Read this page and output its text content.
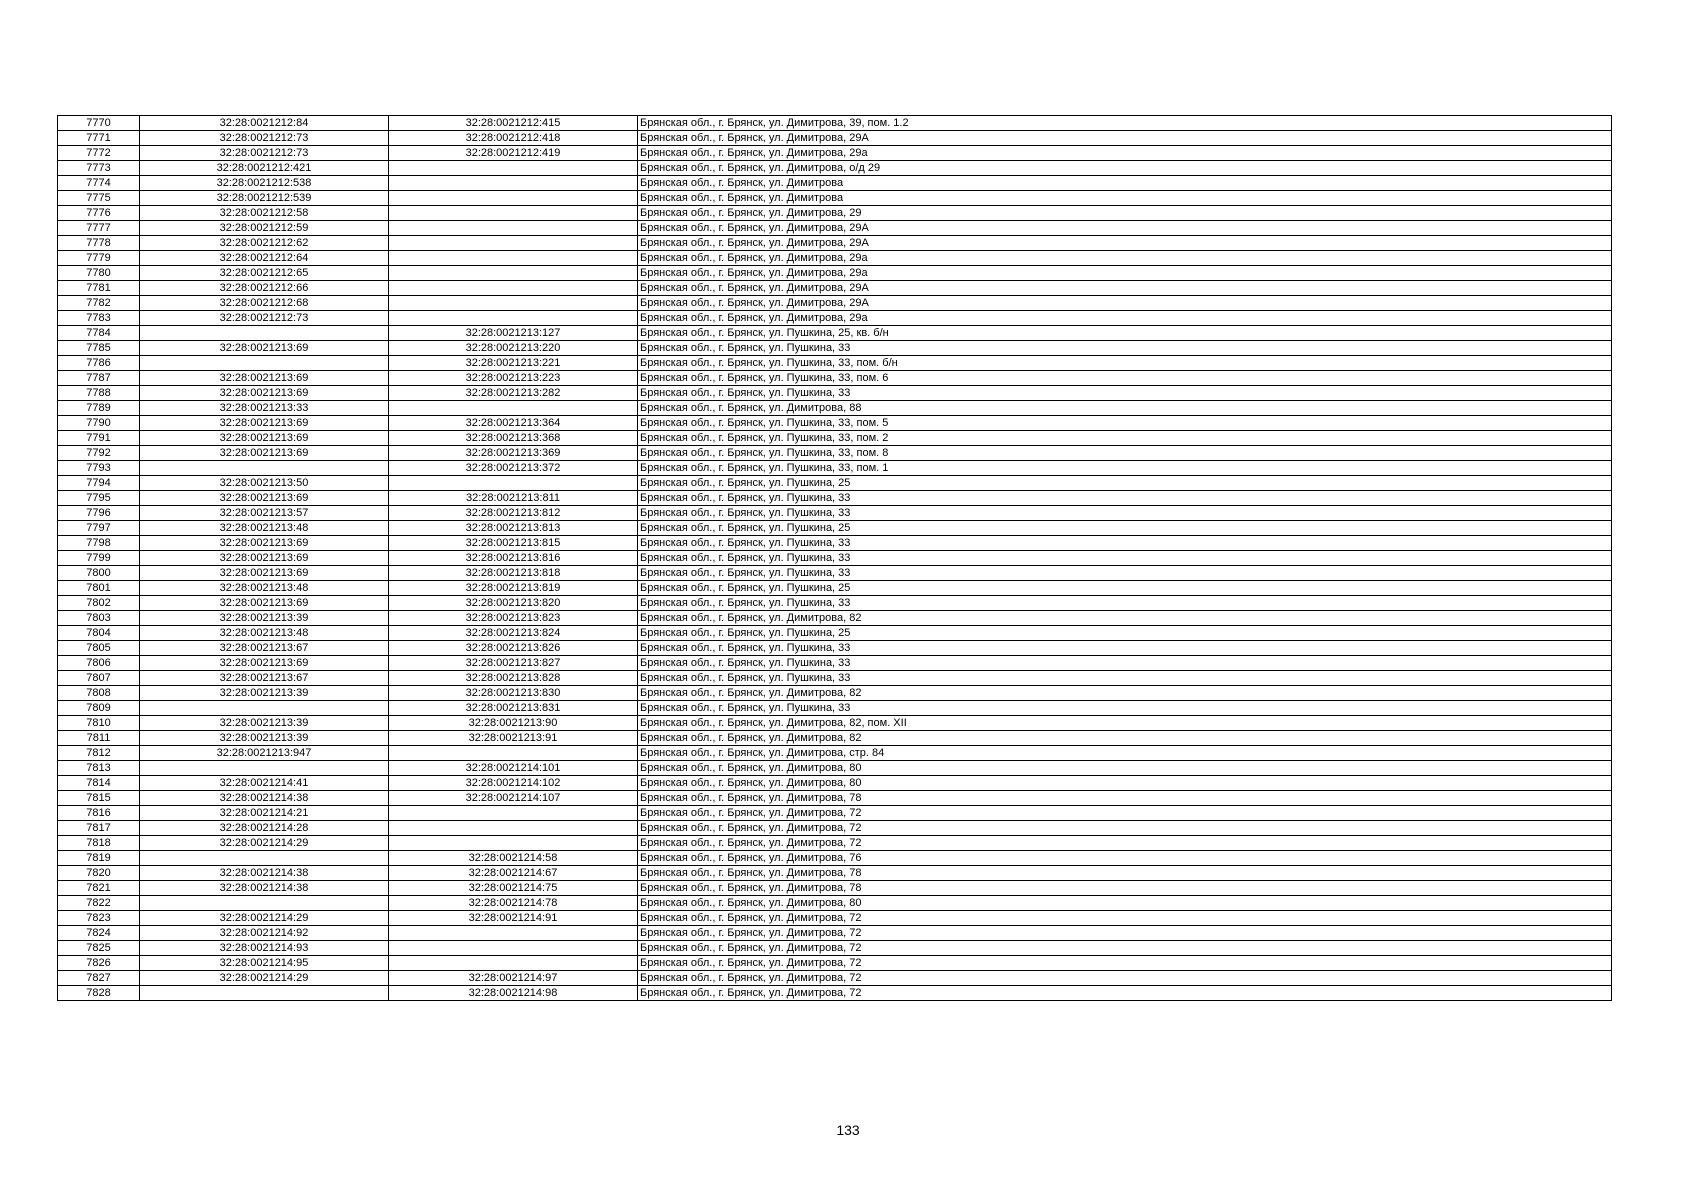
7770	32:28:0021212:84	32:28:0021212:415	Брянская обл., г. Брянск, ул. Димитрова, 39, пом. 1.2
7771	32:28:0021212:73	32:28:0021212:418	Брянская обл., г. Брянск, ул. Димитрова, 29А
7772	32:28:0021212:73	32:28:0021212:419	Брянская обл., г. Брянск, ул. Димитрова, 29а
7773	32:28:0021212:421		Брянская обл., г. Брянск, ул. Димитрова, о/д 29
7774	32:28:0021212:538		Брянская обл., г. Брянск, ул. Димитрова
7775	32:28:0021212:539		Брянская обл., г. Брянск, ул. Димитрова
7776	32:28:0021212:58		Брянская обл., г. Брянск, ул. Димитрова, 29
7777	32:28:0021212:59		Брянская обл., г. Брянск, ул. Димитрова, 29А
7778	32:28:0021212:62		Брянская обл., г. Брянск, ул. Димитрова, 29А
7779	32:28:0021212:64		Брянская обл., г. Брянск, ул. Димитрова, 29а
7780	32:28:0021212:65		Брянская обл., г. Брянск, ул. Димитрова, 29а
7781	32:28:0021212:66		Брянская обл., г. Брянск, ул. Димитрова, 29А
7782	32:28:0021212:68		Брянская обл., г. Брянск, ул. Димитрова, 29А
7783	32:28:0021212:73		Брянская обл., г. Брянск, ул. Димитрова, 29а
7784		32:28:0021213:127	Брянская обл., г. Брянск, ул. Пушкина, 25, кв. б/н
7785	32:28:0021213:69	32:28:0021213:220	Брянская обл., г. Брянск, ул. Пушкина, 33
7786		32:28:0021213:221	Брянская обл., г. Брянск, ул. Пушкина, 33, пом. б/н
7787	32:28:0021213:69	32:28:0021213:223	Брянская обл., г. Брянск, ул. Пушкина, 33, пом. 6
7788	32:28:0021213:69	32:28:0021213:282	Брянская обл., г. Брянск, ул. Пушкина, 33
7789	32:28:0021213:33		Брянская обл., г. Брянск, ул. Димитрова, 88
7790	32:28:0021213:69	32:28:0021213:364	Брянская обл., г. Брянск, ул. Пушкина, 33, пом. 5
7791	32:28:0021213:69	32:28:0021213:368	Брянская обл., г. Брянск, ул. Пушкина, 33, пом. 2
7792	32:28:0021213:69	32:28:0021213:369	Брянская обл., г. Брянск, ул. Пушкина, 33, пом. 8
7793		32:28:0021213:372	Брянская обл., г. Брянск, ул. Пушкина, 33, пом. 1
7794	32:28:0021213:50		Брянская обл., г. Брянск, ул. Пушкина, 25
7795	32:28:0021213:69	32:28:0021213:811	Брянская обл., г. Брянск, ул. Пушкина, 33
7796	32:28:0021213:57	32:28:0021213:812	Брянская обл., г. Брянск, ул. Пушкина, 33
7797	32:28:0021213:48	32:28:0021213:813	Брянская обл., г. Брянск, ул. Пушкина, 25
7798	32:28:0021213:69	32:28:0021213:815	Брянская обл., г. Брянск, ул. Пушкина, 33
7799	32:28:0021213:69	32:28:0021213:816	Брянская обл., г. Брянск, ул. Пушкина, 33
7800	32:28:0021213:69	32:28:0021213:818	Брянская обл., г. Брянск, ул. Пушкина, 33
7801	32:28:0021213:48	32:28:0021213:819	Брянская обл., г. Брянск, ул. Пушкина, 25
7802	32:28:0021213:69	32:28:0021213:820	Брянская обл., г. Брянск, ул. Пушкина, 33
7803	32:28:0021213:39	32:28:0021213:823	Брянская обл., г. Брянск, ул. Димитрова, 82
7804	32:28:0021213:48	32:28:0021213:824	Брянская обл., г. Брянск, ул. Пушкина, 25
7805	32:28:0021213:67	32:28:0021213:826	Брянская обл., г. Брянск, ул. Пушкина, 33
7806	32:28:0021213:69	32:28:0021213:827	Брянская обл., г. Брянск, ул. Пушкина, 33
7807	32:28:0021213:67	32:28:0021213:828	Брянская обл., г. Брянск, ул. Пушкина, 33
7808	32:28:0021213:39	32:28:0021213:830	Брянская обл., г. Брянск, ул. Димитрова, 82
7809		32:28:0021213:831	Брянская обл., г. Брянск, ул. Пушкина, 33
7810	32:28:0021213:39	32:28:0021213:90	Брянская обл., г. Брянск, ул. Димитрова, 82, пом. XII
7811	32:28:0021213:39	32:28:0021213:91	Брянская обл., г. Брянск, ул. Димитрова, 82
7812	32:28:0021213:947		Брянская обл., г. Брянск, ул. Димитрова, стр. 84
7813		32:28:0021214:101	Брянская обл., г. Брянск, ул. Димитрова, 80
7814	32:28:0021214:41	32:28:0021214:102	Брянская обл., г. Брянск, ул. Димитрова, 80
7815	32:28:0021214:38	32:28:0021214:107	Брянская обл., г. Брянск, ул. Димитрова, 78
7816	32:28:0021214:21		Брянская обл., г. Брянск, ул. Димитрова, 72
7817	32:28:0021214:28		Брянская обл., г. Брянск, ул. Димитрова, 72
7818	32:28:0021214:29		Брянская обл., г. Брянск, ул. Димитрова, 72
7819		32:28:0021214:58	Брянская обл., г. Брянск, ул. Димитрова, 76
7820	32:28:0021214:38	32:28:0021214:67	Брянская обл., г. Брянск, ул. Димитрова, 78
7821	32:28:0021214:38	32:28:0021214:75	Брянская обл., г. Брянск, ул. Димитрова, 78
7822		32:28:0021214:78	Брянская обл., г. Брянск, ул. Димитрова, 80
7823	32:28:0021214:29	32:28:0021214:91	Брянская обл., г. Брянск, ул. Димитрова, 72
7824	32:28:0021214:92		Брянская обл., г. Брянск, ул. Димитрова, 72
7825	32:28:0021214:93		Брянская обл., г. Брянск, ул. Димитрова, 72
7826	32:28:0021214:95		Брянская обл., г. Брянск, ул. Димитрова, 72
7827	32:28:0021214:29	32:28:0021214:97	Брянская обл., г. Брянск, ул. Димитрова, 72
7828		32:28:0021214:98	Брянская обл., г. Брянск, ул. Димитрова, 72
133
